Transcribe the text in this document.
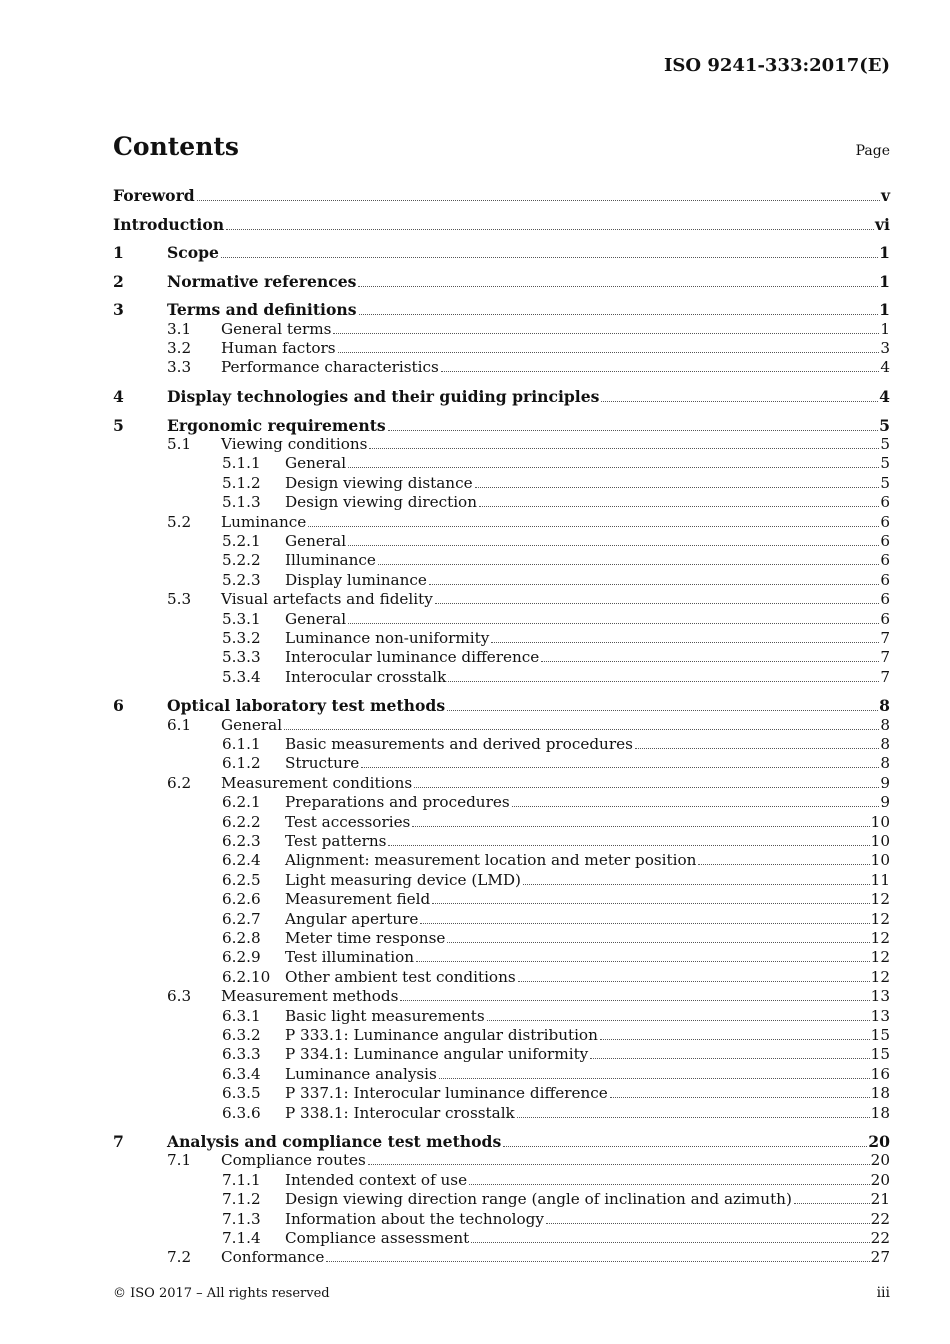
ISO 9241-333:2017(E)
Contents	Page
Foreword	v
Introduction	vi
1	Scope	1
2	Normative references	1
3	Terms and definitions	1
3.1	General terms	1
3.2	Human factors	3
3.3	Performance characteristics	4
4	Display technologies and their guiding principles	4
5	Ergonomic requirements	5
5.1	Viewing conditions	5
5.1.1	General	5
5.1.2	Design viewing distance	5
5.1.3	Design viewing direction	6
5.2	Luminance	6
5.2.1	General	6
5.2.2	Illuminance	6
5.2.3	Display luminance	6
5.3	Visual artefacts and fidelity	6
5.3.1	General	6
5.3.2	Luminance non-uniformity	7
5.3.3	Interocular luminance difference	7
5.3.4	Interocular crosstalk	7
6	Optical laboratory test methods	8
6.1	General	8
6.1.1	Basic measurements and derived procedures	8
6.1.2	Structure	8
6.2	Measurement conditions	9
6.2.1	Preparations and procedures	9
6.2.2	Test accessories	10
6.2.3	Test patterns	10
6.2.4	Alignment: measurement location and meter position	10
6.2.5	Light measuring device (LMD)	11
6.2.6	Measurement field	12
6.2.7	Angular aperture	12
6.2.8	Meter time response	12
6.2.9	Test illumination	12
6.2.10 Other ambient test conditions	12
6.3	Measurement methods	13
6.3.1	Basic light measurements	13
6.3.2	P 333.1: Luminance angular distribution	15
6.3.3	P 334.1: Luminance angular uniformity	15
6.3.4	Luminance analysis	16
6.3.5	P 337.1: Interocular luminance difference	18
6.3.6	P 338.1: Interocular crosstalk	18
7	Analysis and compliance test methods	20
7.1	Compliance routes	20
7.1.1	Intended context of use	20
7.1.2	Design viewing direction range (angle of inclination and azimuth)	21
7.1.3	Information about the technology	22
7.1.4	Compliance assessment	22
7.2	Conformance	27
© ISO 2017 – All rights reserved	iii
